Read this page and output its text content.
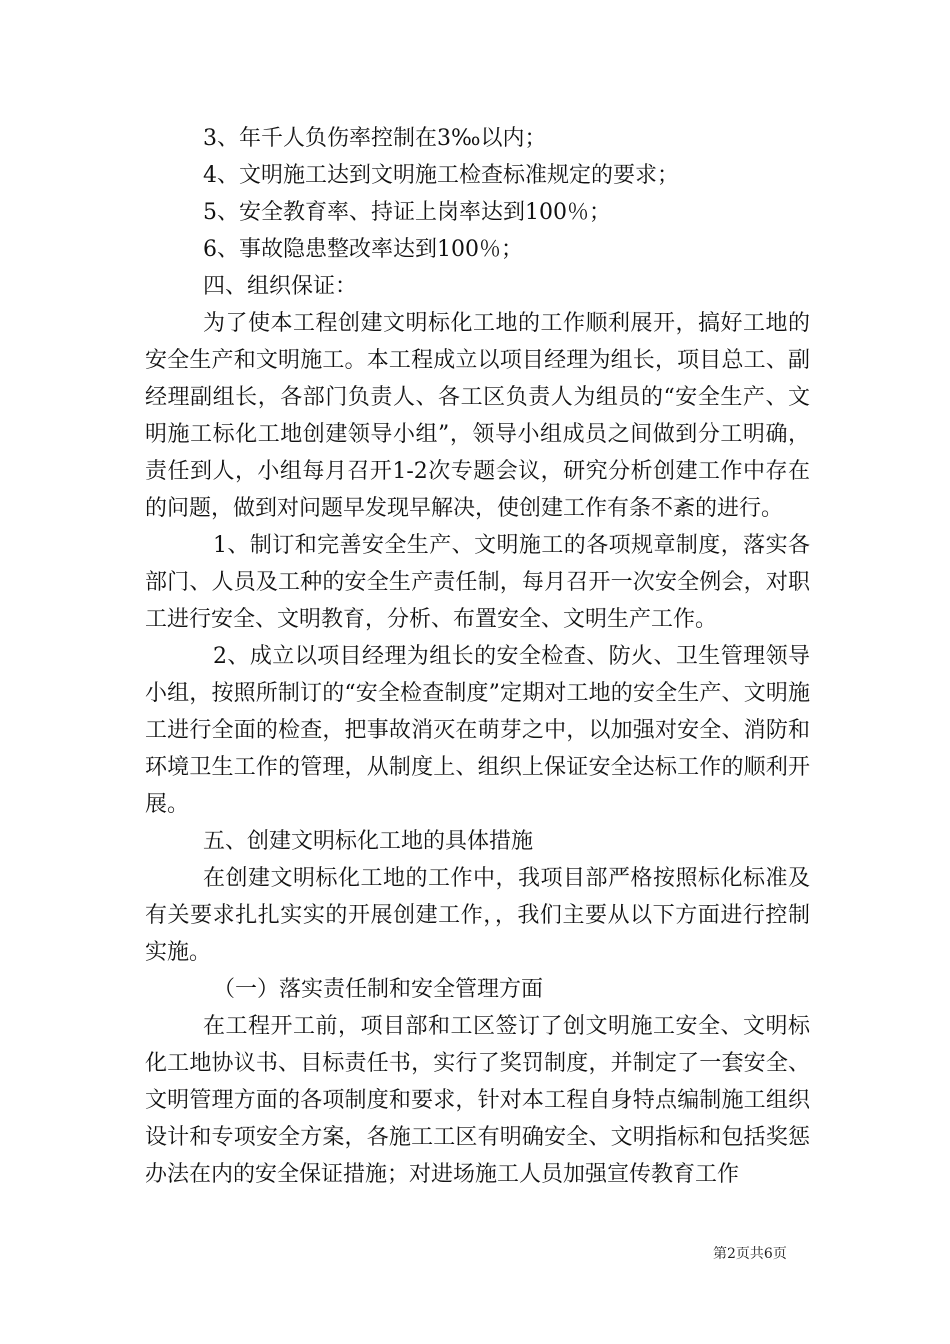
3、年千人负伤率控制在3‰以内；

4、文明施工达到文明施工检查标准规定的要求；

5、安全教育率、持证上岗率达到100％；

6、事故隐患整改率达到100％；

四、组织保证：

为了使本工程创建文明标化工地的工作顺利展开，搞好工地的安全生产和文明施工。本工程成立以项目经理为组长，项目总工、副经理副组长，各部门负责人、各工区负责人为组员的“安全生产、文明施工标化工地创建领导小组”，领导小组成员之间做到分工明确，责任到人，小组每月召开1-2次专题会议，研究分析创建工作中存在的问题，做到对问题早发现早解决，使创建工作有条不紊的进行。

1、制订和完善安全生产、文明施工的各项规章制度，落实各部门、人员及工种的安全生产责任制，每月召开一次安全例会，对职工进行安全、文明教育，分析、布置安全、文明生产工作。

2、成立以项目经理为组长的安全检查、防火、卫生管理领导小组，按照所制订的“安全检查制度”定期对工地的安全生产、文明施工进行全面的检查，把事故消灭在萌芽之中，以加强对安全、消防和环境卫生工作的管理，从制度上、组织上保证安全达标工作的顺利开展。

五、创建文明标化工地的具体措施

在创建文明标化工地的工作中，我项目部严格按照标化标准及有关要求扎扎实实的开展创建工作，，我们主要从以下方面进行控制实施。

（一）落实责任制和安全管理方面

在工程开工前，项目部和工区签订了创文明施工安全、文明标化工地协议书、目标责任书，实行了奖罚制度，并制定了一套安全、文明管理方面的各项制度和要求，针对本工程自身特点编制施工组织设计和专项安全方案，各施工工区有明确安全、文明指标和包括奖惩办法在内的安全保证措施；对进场施工人员加强宣传教育工作

第2页共6页
